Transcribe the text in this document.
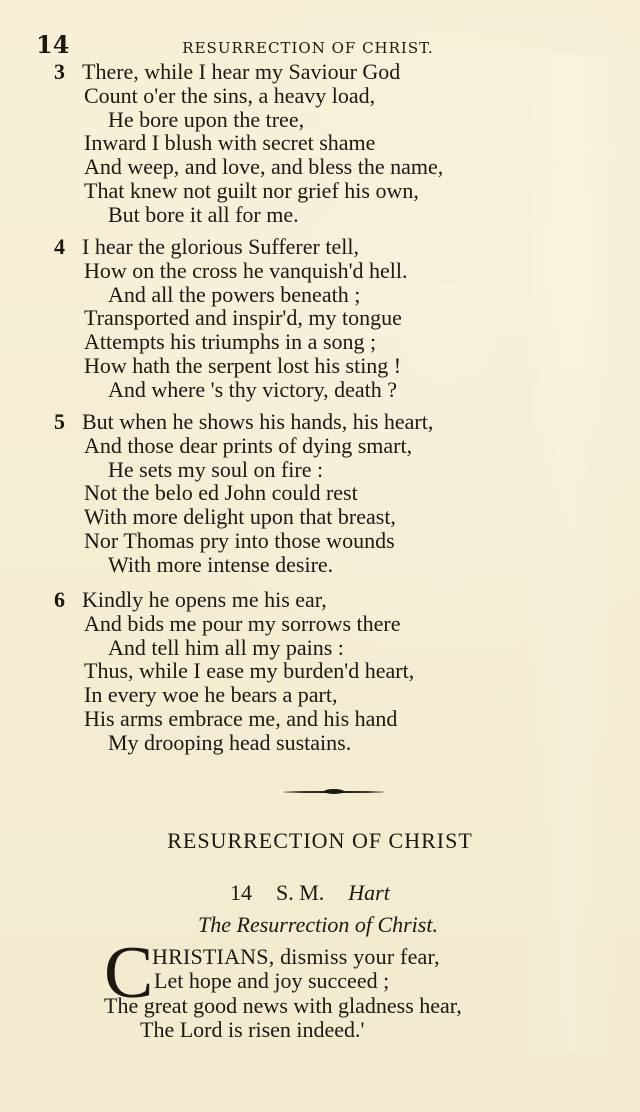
14	RESURRECTION OF CHRIST.
3 There, while I hear my Saviour God
Count o'er the sins, a heavy load,
He bore upon the tree,
Inward I blush with secret shame
And weep, and love, and bless the name,
That knew not guilt nor grief his own,
But bore it all for me.
4 I hear the glorious Sufferer tell,
How on the cross he vanquish'd hell.
And all the powers beneath ;
Transported and inspir'd, my tongue
Attempts his triumphs in a song ;
How hath the serpent lost his sting !
And where 's thy victory, death ?
5 But when he shows his hands, his heart,
And those dear prints of dying smart,
He sets my soul on fire :
Not the belo ed John could rest
With more delight upon that breast,
Nor Thomas pry into those wounds
With more intense desire.
6 Kindly he opens me his ear,
And bids me pour my sorrows there
And tell him all my pains :
Thus, while I ease my burden'd heart,
In every woe he bears a part,
His arms embrace me, and his hand
My drooping head sustains.
RESURRECTION OF CHRIST
14 S. M. Hart
The Resurrection of Christ.
C
HRISTIANS, dismiss your fear,
Let hope and joy succeed ;
The great good news with gladness hear,
The Lord is risen indeed.'
